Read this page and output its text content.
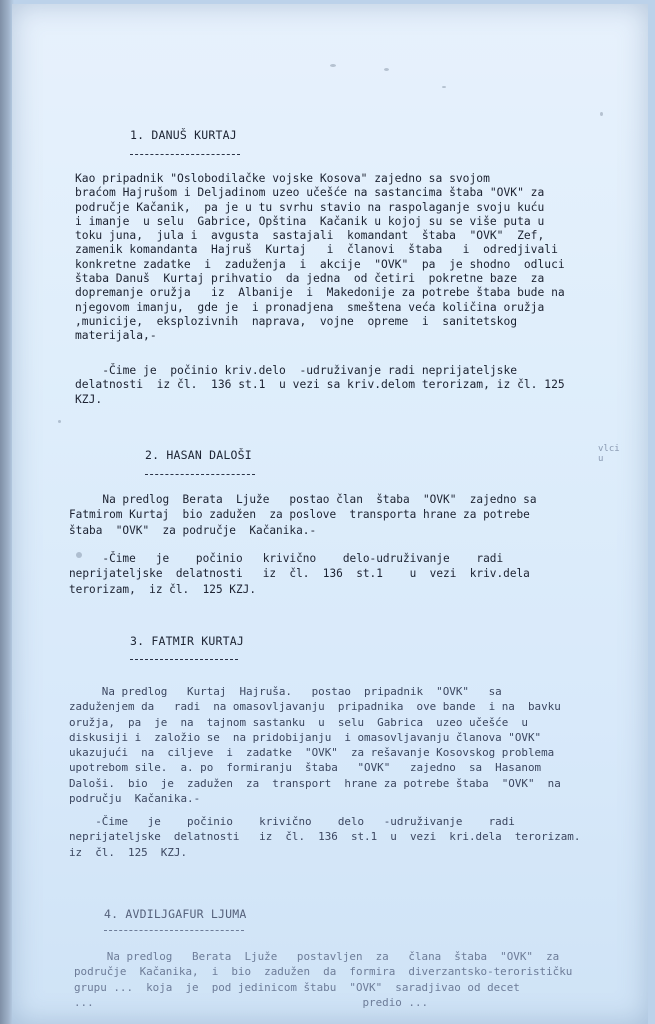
vlci
u
1. DANUŠ KURTAJ
Kao pripadnik "Oslobodilačke vojske Kosova" zajedno sa svojom
braćom Hajrušom i Deljadinom uzeo učešće na sastancima štaba "OVK" za
područje Kačanik,  pa je u tu svrhu stavio na raspolaganje svoju kuću
i imanje  u selu  Gabrice, Opština  Kačanik u kojoj su se više puta u
toku juna,  jula i  avgusta  sastajali  komandant  štaba  "OVK"  Zef,
zamenik komandanta  Hajruš  Kurtaj   i  članovi  štaba   i  odredjivali
konkretne zadatke  i  zaduženja  i  akcije  "OVK"  pa  je shodno  odluci
štaba Danuš  Kurtaj prihvatio  da jedna  od četiri  pokretne baze  za
dopremanje oružja   iz  Albanije  i  Makedonije za potrebe štaba bude na
njegovom imanju,  gde je  i pronadjena  smeštena veća količina oružja
,municije,  eksplozivnih  naprava,  vojne  opreme  i  sanitetskog
materijala,-
-Čime je  počinio kriv.delo  -udruživanje radi neprijateljske
delatnosti  iz čl.  136 st.1  u vezi sa kriv.delom terorizam, iz čl. 125
KZJ.
2. HASAN DALOŠI
Na predlog  Berata  Ljuže   postao član  štaba  "OVK"  zajedno sa
Fatmirom Kurtaj  bio zadužen  za poslove  transporta hrane za potrebe
štaba  "OVK"  za područje  Kačanika.-
-Čime   je    počinio   krivično    delo-udruživanje    radi
neprijateljske  delatnosti   iz  čl.  136  st.1    u  vezi  kriv.dela
terorizam,  iz čl.  125 KZJ.
3. FATMIR KURTAJ
Na predlog   Kurtaj  Hajruša.   postao  pripadnik  "OVK"   sa
zaduženjem da   radi  na omasovljavanju  pripadnika  ove bande  i na  bavku
oružja,  pa  je  na  tajnom sastanku  u  selu  Gabrica  uzeo učešće  u
diskusiji i  založio se  na pridobijanju  i omasovljavanju članova "OVK"
ukazujući  na  ciljeve  i  zadatke  "OVK"  za rešavanje Kosovskog problema
upotrebom sile.  a. po  formiranju  štaba   "OVK"   zajedno  sa  Hasanom
Daloši.  bio  je  zadužen  za  transport  hrane za potrebe štaba  "OVK"  na
području  Kačanika.-
-Čime   je    počinio    krivično    delo   -udruživanje    radi
neprijateljske  delatnosti   iz  čl.  136  st.1  u  vezi  kri.dela  terorizam.
iz  čl.  125  KZJ.
4. AVDILJGAFUR LJUMA
Na predlog   Berata  Ljuže   postavljen  za   člana  štaba  "OVK"  za
područje  Kačanika,  i  bio  zadužen  da  formira  diverzantsko-terorističku
grupu ...  koja  je  pod jedinicom štabu  "OVK"  saradjivao od decet
...                                         predio ...
